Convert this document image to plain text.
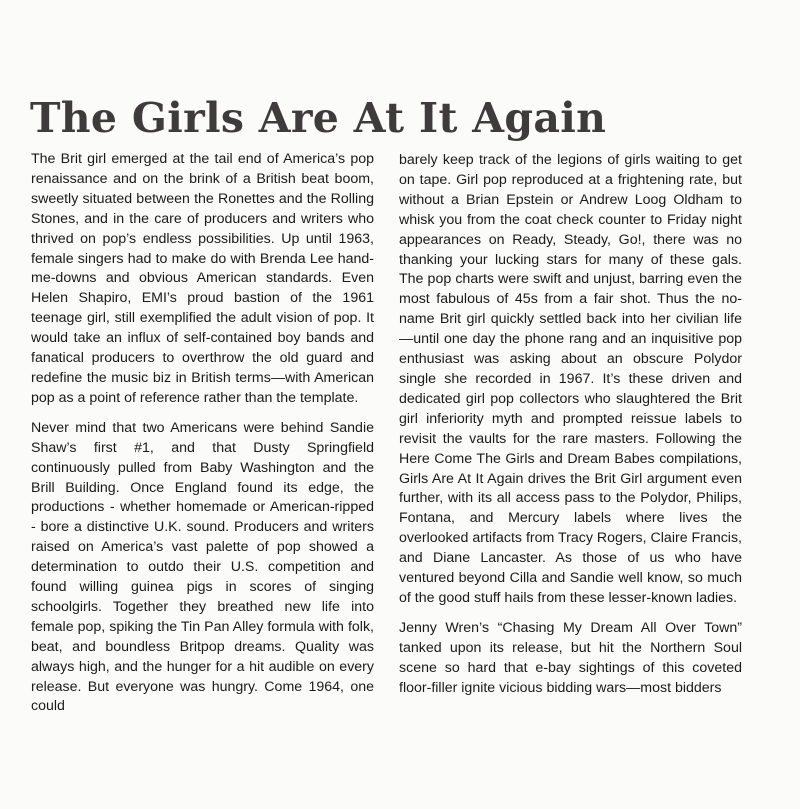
The Girls Are At It Again

The Brit girl emerged at the tail end of America’s pop renaissance and on the brink of a British beat boom, sweetly situated between the Ronettes and the Rolling Stones, and in the care of producers and writers who thrived on pop’s endless possibilities. Up until 1963, female singers had to make do with Brenda Lee hand-me-downs and obvious American standards. Even Helen Shapiro, EMI’s proud bastion of the 1961 teenage girl, still exemplified the adult vision of pop. It would take an influx of self-contained boy bands and fanatical producers to overthrow the old guard and redefine the music biz in British terms—with American pop as a point of reference rather than the template.

Never mind that two Americans were behind Sandie Shaw’s first #1, and that Dusty Springfield continuously pulled from Baby Washington and the Brill Building. Once England found its edge, the productions - whether homemade or American-ripped - bore a distinctive U.K. sound. Producers and writers raised on America’s vast palette of pop showed a determination to outdo their U.S. competition and found willing guinea pigs in scores of singing schoolgirls. Together they breathed new life into female pop, spiking the Tin Pan Alley formula with folk, beat, and boundless Britpop dreams. Quality was always high, and the hunger for a hit audible on every release. But everyone was hungry. Come 1964, one could

barely keep track of the legions of girls waiting to get on tape. Girl pop reproduced at a frightening rate, but without a Brian Epstein or Andrew Loog Oldham to whisk you from the coat check counter to Friday night appearances on Ready, Steady, Go!, there was no thanking your lucking stars for many of these gals. The pop charts were swift and unjust, barring even the most fabulous of 45s from a fair shot. Thus the no-name Brit girl quickly settled back into her civilian life—until one day the phone rang and an inquisitive pop enthusiast was asking about an obscure Polydor single she recorded in 1967. It’s these driven and dedicated girl pop collectors who slaughtered the Brit girl inferiority myth and prompted reissue labels to revisit the vaults for the rare masters. Following the Here Come The Girls and Dream Babes compilations, Girls Are At It Again drives the Brit Girl argument even further, with its all access pass to the Polydor, Philips, Fontana, and Mercury labels where lives the overlooked artifacts from Tracy Rogers, Claire Francis, and Diane Lancaster. As those of us who have ventured beyond Cilla and Sandie well know, so much of the good stuff hails from these lesser-known ladies.

Jenny Wren’s “Chasing My Dream All Over Town” tanked upon its release, but hit the Northern Soul scene so hard that e-bay sightings of this coveted floor-filler ignite vicious bidding wars—most bidders
